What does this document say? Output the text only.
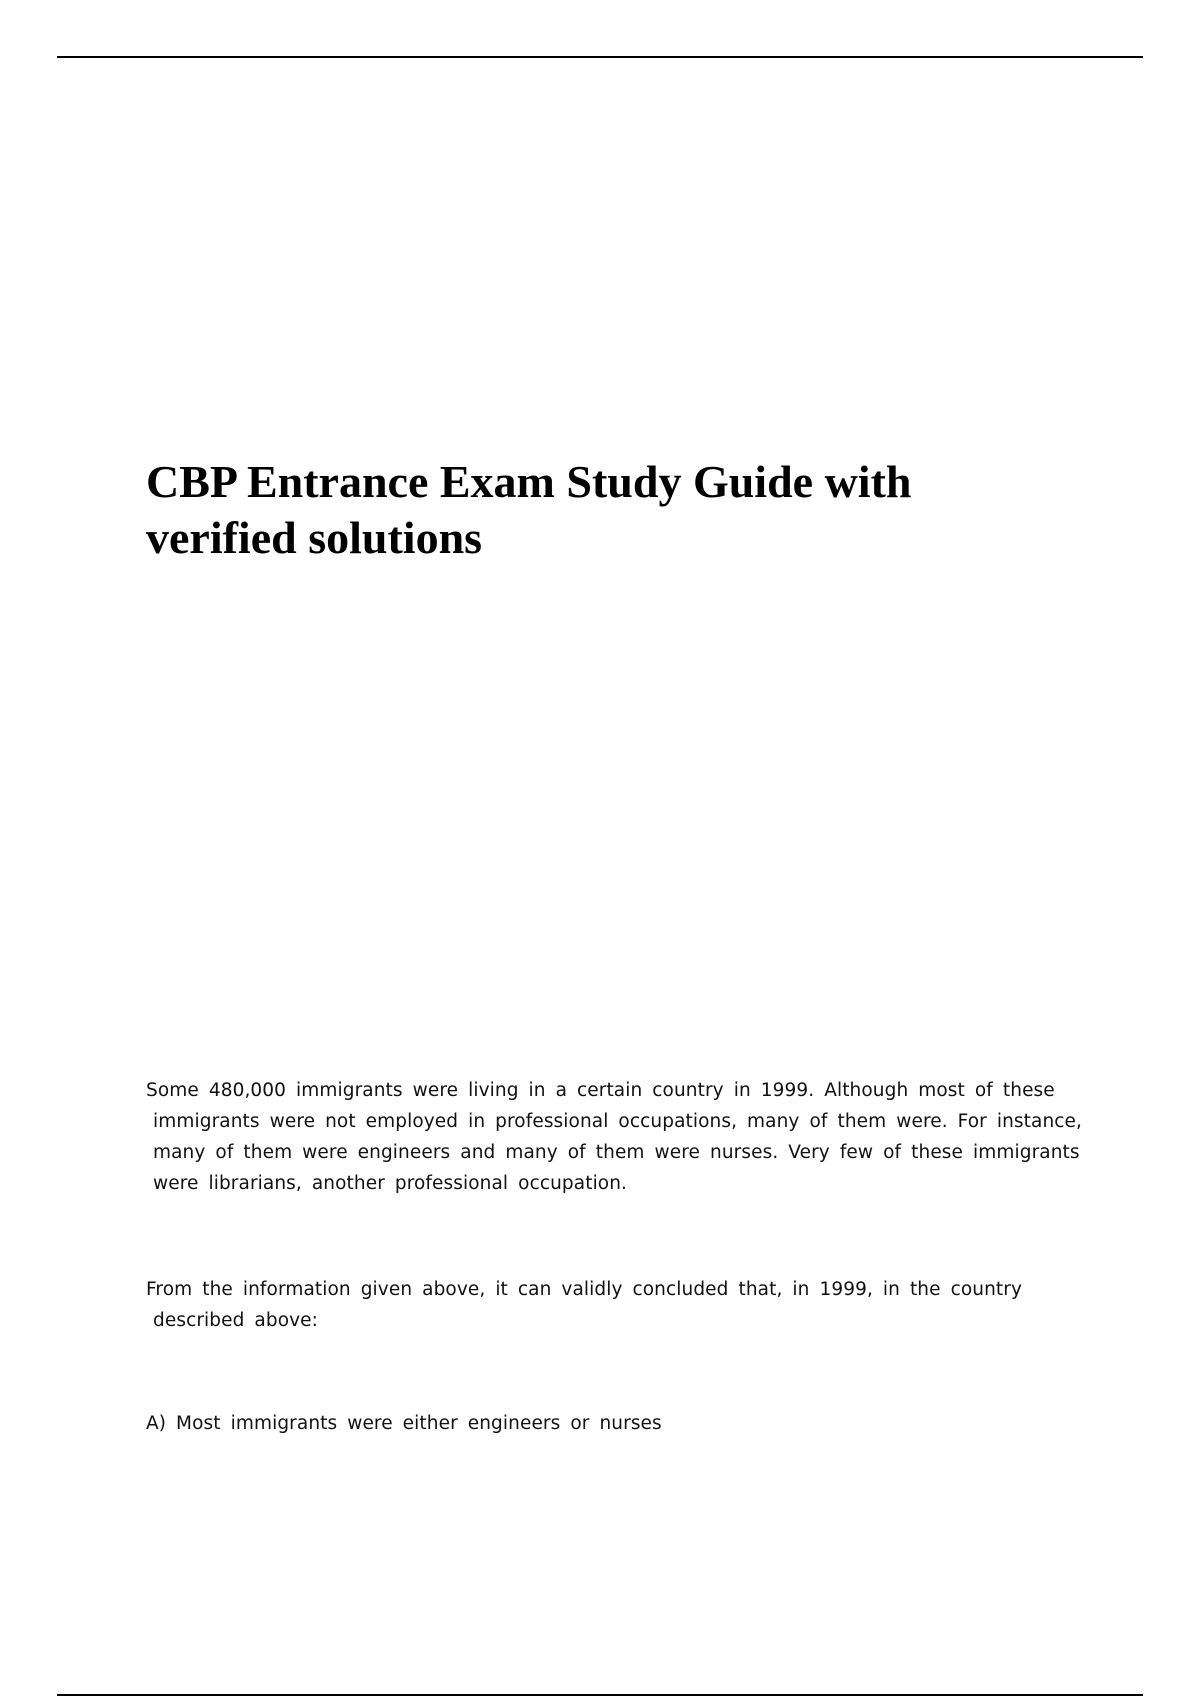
CBP Entrance Exam Study Guide with
verified solutions
Some 480,000 immigrants were living in a certain country in 1999. Although most of these
immigrants were not employed in professional occupations, many of them were. For instance,
many of them were engineers and many of them were nurses. Very few of these immigrants
were librarians, another professional occupation.
From the information given above, it can validly concluded that, in 1999, in the country
described above:
A) Most immigrants were either engineers or nurses
